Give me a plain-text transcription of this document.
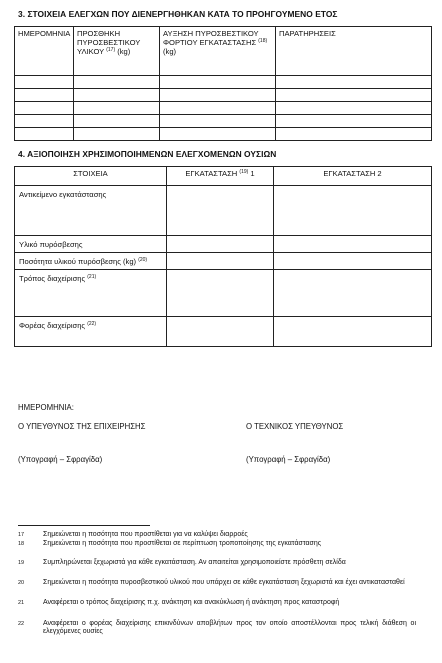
3. ΣΤΟΙΧΕΙΑ ΕΛΕΓΧΩΝ ΠΟΥ ΔΙΕΝΕΡΓΗΘΗΚΑΝ ΚΑΤΑ ΤΟ ΠΡΟΗΓΟΥΜΕΝΟ ΕΤΟΣ
ΗΜΕΡΟΜΗΝΙΑ	ΠΡΟΣΘΗΚΗ ΠΥΡΟΣΒΕΣΤΙΚΟΥ ΥΛΙΚΟΥ $^{(17)}$ (kg)	ΑΥΞΗΣΗ ΠΥΡΟΣΒΕΣΤΙΚΟΥ ΦΟΡΤΙΟΥ ΕΓΚΑΤΑΣΤΑΣΗΣ $^{(18)}$ (kg)	ΠΑΡΑΤΗΡΗΣΕΙΣ

4. ΑΞΙΟΠΟΙΗΣΗ ΧΡΗΣΙΜΟΠΟΙΗΜΕΝΩΝ ΕΛΕΓΧΟΜΕΝΩΝ ΟΥΣΙΩΝ
ΣΤΟΙΧΕΙΑ	ΕΓΚΑΤΑΣΤΑΣΗ $^{(19)}$ 1	ΕΓΚΑΤΑΣΤΑΣΗ 2
Αντικείμενο εγκατάστασης		
Υλικό πυρόσβεσης		
Ποσότητα υλικού πυρόσβεσης (kg) $^{(20)}$		
Τρόπος διαχείρισης $^{(21)}$		
Φορέας διαχείρισης $^{(22)}$		
ΗΜΕΡΟΜΗΝΙΑ:
Ο ΥΠΕΥΘΥΝΟΣ ΤΗΣ ΕΠΙΧΕΙΡΗΣΗΣ	Ο ΤΕΧΝΙΚΟΣ ΥΠΕΥΘΥΝΟΣ
(Υπογραφή – Σφραγίδα)	(Υπογραφή – Σφραγίδα)
17	Σημειώνεται η ποσότητα που προστίθεται για να καλύψει διαρροές
18	Σημειώνεται η ποσότητα που προστίθεται σε περίπτωση τροποποίησης της εγκατάστασης
19	Συμπληρώνεται ξεχωριστά για κάθε εγκατάσταση. Αν απαιτείται χρησιμοποιείστε πρόσθετη σελίδα
20	Σημειώνεται η ποσότητα πυροσβεστικού υλικού που υπάρχει σε κάθε εγκατάσταση ξεχωριστά και έχει αντικατασταθεί
21	Αναφέρεται ο τρόπος διαχείρισης π.χ. ανάκτηση και ανακύκλωση ή ανάκτηση προς καταστροφή
22	Αναφέρεται ο φορέας διαχείρισης επικινδύνων αποβλήτων προς τον οποίο αποστέλλονται προς τελική διάθεση οι ελεγχόμενες ουσίες
